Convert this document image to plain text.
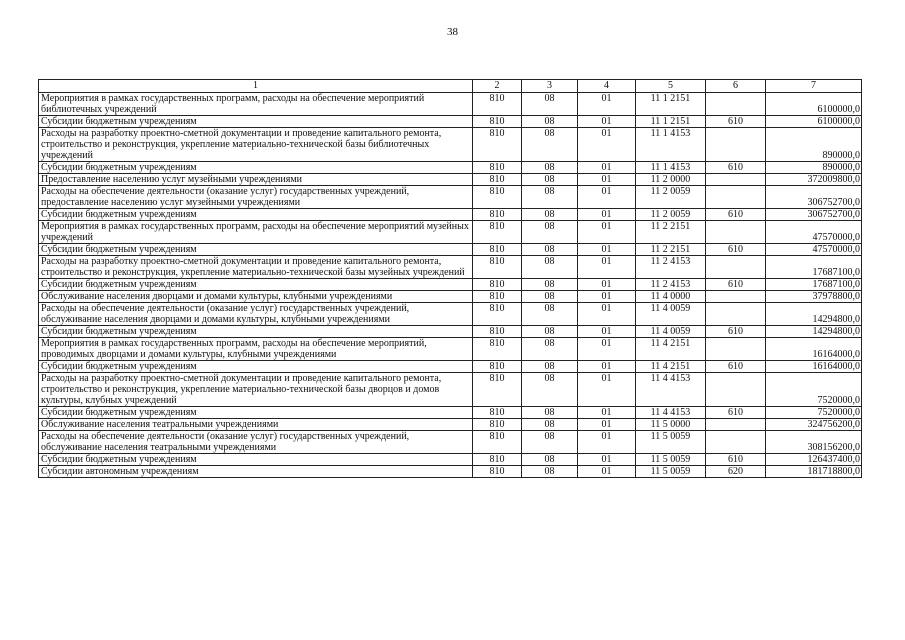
38
1	2	3	4	5	6	7
Мероприятия в рамках государственных программ, расходы на обеспечение мероприятий библиотечных учреждений	810	08	01	11 1 2151		6100000,0
Субсидии бюджетным учреждениям	810	08	01	11 1 2151	610	6100000,0
Расходы на разработку проектно-сметной документации и проведение капитального ремонта, строительство и реконструкция, укрепление материально-технической базы библиотечных учреждений	810	08	01	11 1 4153		890000,0
Субсидии бюджетным учреждениям	810	08	01	11 1 4153	610	890000,0
Предоставление населению услуг музейными учреждениями	810	08	01	11 2 0000		372009800,0
Расходы на обеспечение деятельности (оказание услуг) государственных учреждений, предоставление населению услуг музейными учреждениями	810	08	01	11 2 0059		306752700,0
Субсидии бюджетным учреждениям	810	08	01	11 2 0059	610	306752700,0
Мероприятия в рамках государственных программ, расходы на обеспечение мероприятий музейных учреждений	810	08	01	11 2 2151		47570000,0
Субсидии бюджетным учреждениям	810	08	01	11 2 2151	610	47570000,0
Расходы на разработку проектно-сметной документации и проведение капитального ремонта, строительство и реконструкция, укрепление материально-технической базы музейных учреждений	810	08	01	11 2 4153		17687100,0
Субсидии бюджетным учреждениям	810	08	01	11 2 4153	610	17687100,0
Обслуживание населения дворцами и домами культуры, клубными учреждениями	810	08	01	11 4 0000		37978800,0
Расходы на обеспечение деятельности (оказание услуг) государственных учреждений, обслуживание населения дворцами и домами культуры, клубными учреждениями	810	08	01	11 4 0059		14294800,0
Субсидии бюджетным учреждениям	810	08	01	11 4 0059	610	14294800,0
Мероприятия в рамках государственных программ, расходы на обеспечение мероприятий, проводимых дворцами и домами культуры, клубными учреждениями	810	08	01	11 4 2151		16164000,0
Субсидии бюджетным учреждениям	810	08	01	11 4 2151	610	16164000,0
Расходы на разработку проектно-сметной документации и проведение капитального ремонта, строительство и реконструкция, укрепление материально-технической базы дворцов и домов культуры, клубных учреждений	810	08	01	11 4 4153		7520000,0
Субсидии бюджетным учреждениям	810	08	01	11 4 4153	610	7520000,0
Обслуживание населения театральными учреждениями	810	08	01	11 5 0000		324756200,0
Расходы на обеспечение деятельности (оказание услуг) государственных учреждений, обслуживание населения театральными учреждениями	810	08	01	11 5 0059		308156200,0
Субсидии бюджетным учреждениям	810	08	01	11 5 0059	610	126437400,0
Субсидии автономным учреждениям	810	08	01	11 5 0059	620	181718800,0
